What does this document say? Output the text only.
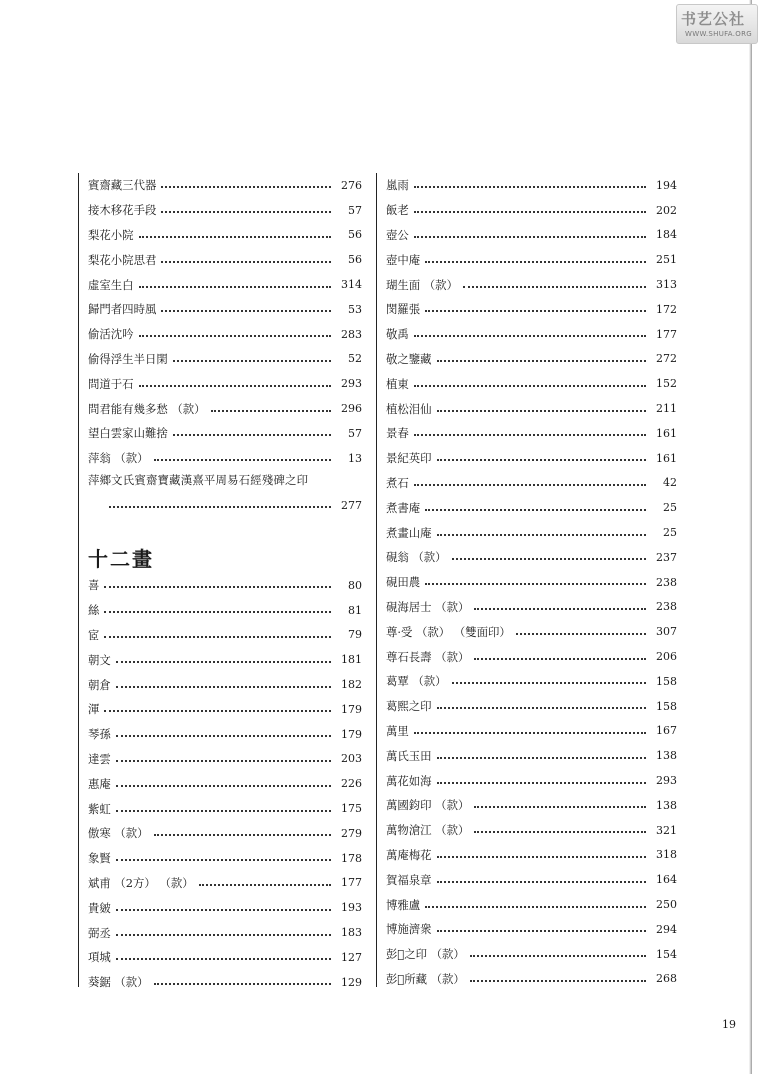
书艺公社
WWW.SHUFA.ORG
賓齋藏三代器	276
接木移花手段	57
梨花小院	56
梨花小院思君	56
虛室生白	314
歸門者四時風	53
偷活沈吟	283
偷得浮生半日閑	52
問道于石	293
問君能有幾多愁 （款）	296
望白雲家山難捨	57
萍翁 （款）	13
萍鄉文氏賓齋寶藏漢熹平周易石經殘碑之印
277
十二畫
喜	80
絲	81
宧	79
朝文	181
朝倉	182
渾	179
琴孫	179
達雲	203
惠庵	226
紫虹	175
傲寒 （款）	279
象賢	178
斌甫 （2方） （款）	177
貴皴	193
弼丞	183
項城	127
葵鋸 （款）	129
嵐雨	194
飯老	202
壺公	184
壺中庵	251
瑚生面 （款）	313
閔羅張	172
敬禹	177
敬之鑒藏	272
植東	152
植松泪仙	211
景春	161
景紀英印	161
煮石	42
煮書庵	25
煮畫山庵	25
硯翁 （款）	237
硯田農	238
硯海居士 （款）	238
尊·受 （款） （雙面印）	307
尊石長壽 （款）	206
葛覃 （款）	158
葛熙之印	158
萬里	167
萬氏玉田	138
萬花如海	293
萬國鈞印 （款）	138
萬物滄江 （款）	321
萬庵梅花	318
賀福泉章	164
博雅盧	250
博施濟衆	294
彭𣲖之印 （款）	154
彭𣲖所藏 （款）	268
19
